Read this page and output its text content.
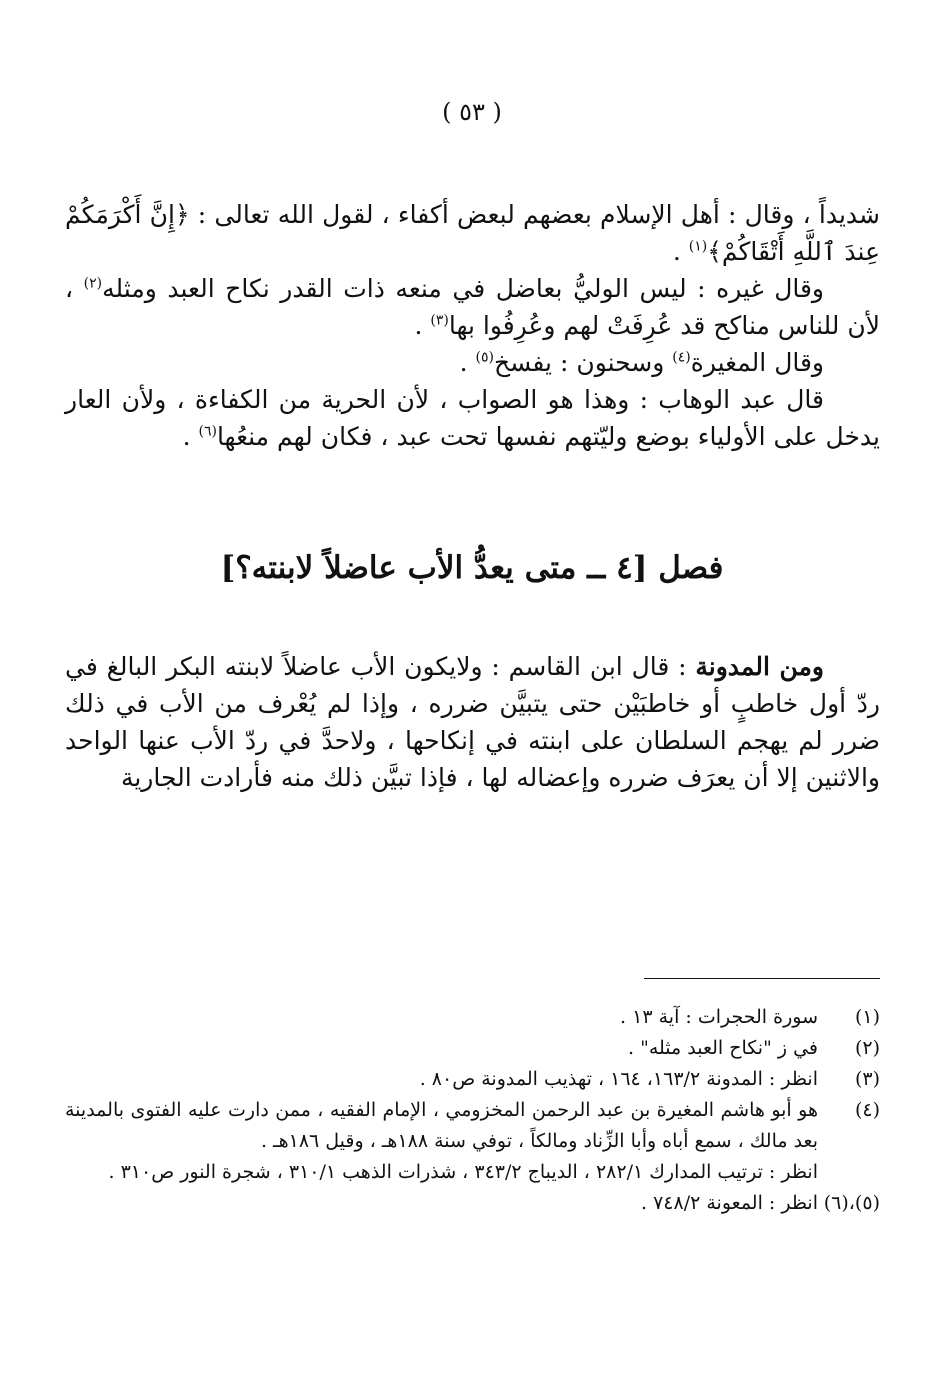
( ٥٣ )

شديداً ، وقال : أهل الإسلام بعضهم لبعض أكفاء ، لقول الله تعالى : ﴿إِنَّ أَكْرَمَكُمْ عِندَ ٱللَّهِ أَتْقَاكُمْ﴾$^{(١)}$ .

وقال غيره : ليس الوليُّ بعاضل في منعه ذات القدر نكاح العبد ومثله$^{(٢)}$ ، لأن للناس مناكح قد عُرِفَتْ لهم وعُرِفُوا بها$^{(٣)}$ .

وقال المغيرة$^{(٤)}$ وسحنون : يفسخ$^{(٥)}$ .

قال عبد الوهاب : وهذا هو الصواب ، لأن الحرية من الكفاءة ، ولأن العار يدخل على الأولياء بوضع وليّتهم نفسها تحت عبد ، فكان لهم منعُها$^{(٦)}$ .

فصل [٤ ــ متى يعدُّ الأب عاضلاً لابنته؟]

ومن المدونة : قال ابن القاسم : ولايكون الأب عاضلاً لابنته البكر البالغ في ردّ أول خاطبٍ أو خاطبَيْن حتى يتبيَّن ضرره ، وإذا لم يُعْرف من الأب في ذلك ضرر لم يهجم السلطان على ابنته في إنكاحها ، ولاحدَّ في ردّ الأب عنها الواحد والاثنين إلا أن يعرَف ضرره وإعضاله لها ، فإذا تبيَّن ذلك منه فأرادت الجارية

(١)

سورة الحجرات : آية ١٣ .

(٢)

في ز "نكاح العبد مثله" .

(٣)

انظر : المدونة ١٦٣/٢، ١٦٤ ، تهذيب المدونة ص٨٠ .

(٤)

هو أبو هاشم المغيرة بن عبد الرحمن المخزومي ، الإمام الفقيه ، ممن دارت عليه الفتوى بالمدينة بعد مالك ، سمع أباه وأبا الزِّناد ومالكاً ، توفي سنة ١٨٨هـ ، وقيل ١٨٦هـ .

انظر : ترتيب المدارك ٢٨٢/١ ، الديباج ٣٤٣/٢ ، شذرات الذهب ٣١٠/١ ، شجرة النور ص٣١٠ .

(٥)،(٦)

انظر : المعونة ٧٤٨/٢ .
